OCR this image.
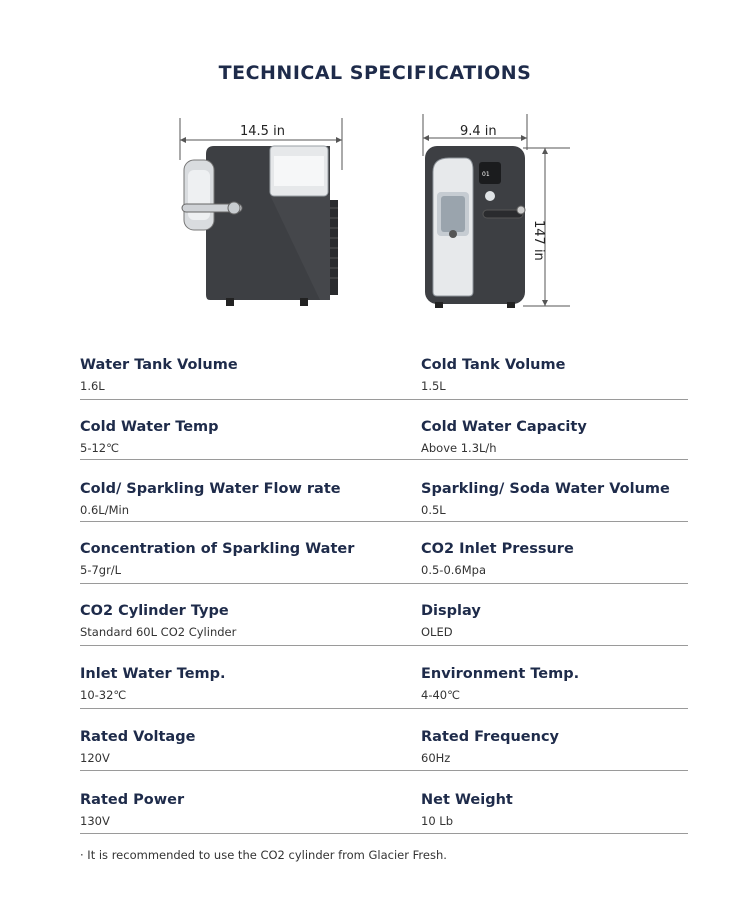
TECHNICAL SPECIFICATIONS
14.5 in
01
9.4 in
147 in
Water Tank Volume
1.6L
Cold Tank Volume
1.5L
Cold Water Temp
5-12℃
Cold Water Capacity
Above 1.3L/h
Cold/ Sparkling Water Flow rate
0.6L/Min
Sparkling/ Soda Water Volume
0.5L
Concentration of Sparkling Water
5-7gr/L
CO2 Inlet Pressure
0.5-0.6Mpa
CO2 Cylinder Type
Standard 60L CO2 Cylinder
Display
OLED
Inlet Water Temp.
10-32℃
Environment Temp.
4-40℃
Rated Voltage
120V
Rated Frequency
60Hz
Rated Power
130V
Net Weight
10 Lb
· It is recommended to use the CO2 cylinder from Glacier Fresh.
